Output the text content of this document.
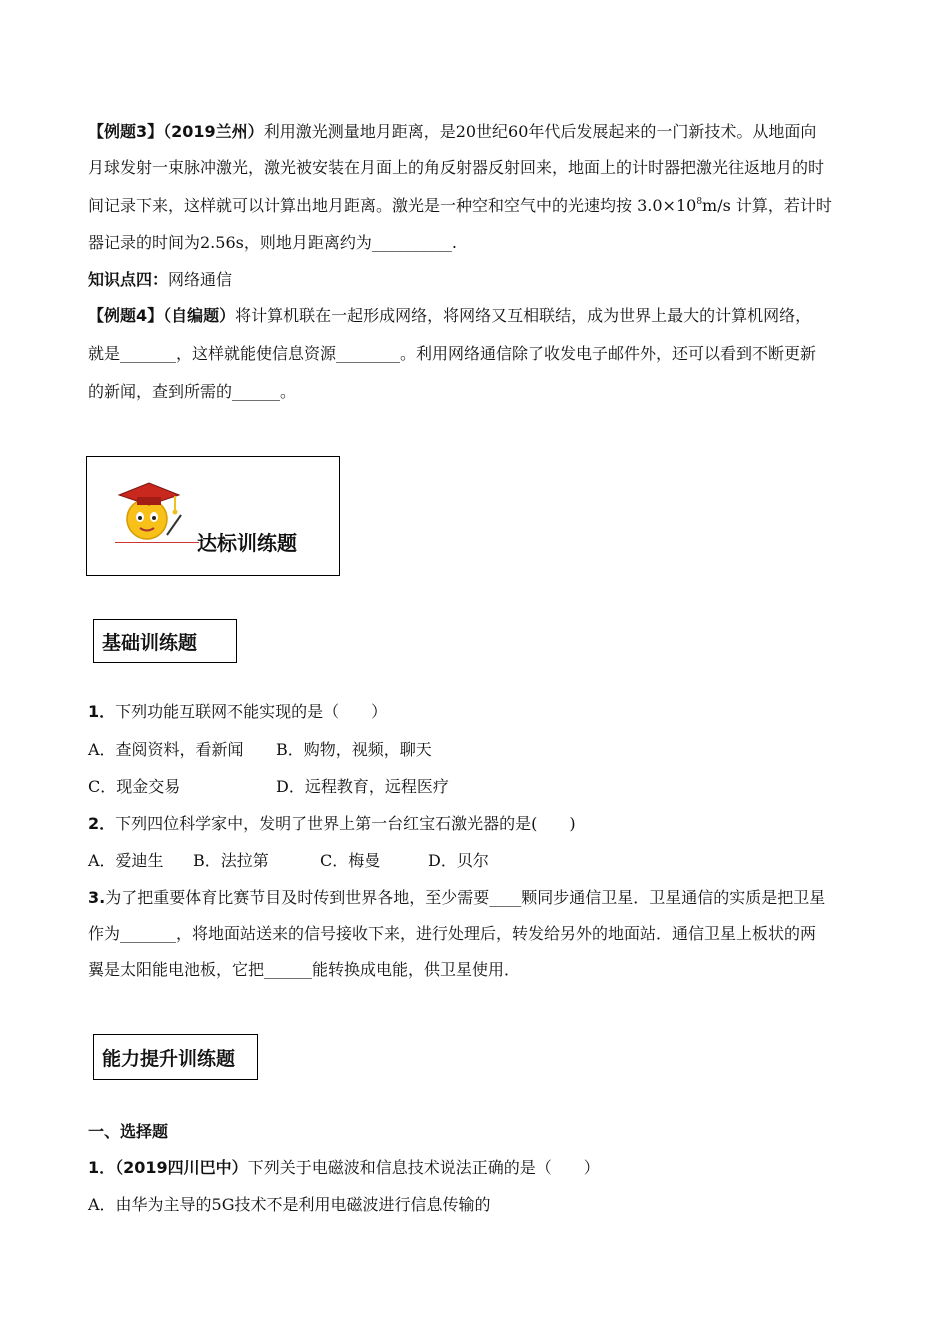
【例题3】（2019兰州）利用激光测量地月距离，是20世纪60年代后发展起来的一门新技术。从地面向
月球发射一束脉冲激光，激光被安装在月面上的角反射器反射回来，地面上的计时器把激光往返地月的时
间记录下来，这样就可以计算出地月距离。激光是一种空和空气中的光速均按 $3.0\times 10^8m/s$ 计算，若计时
器记录的时间为2.56s，则地月距离约为__________.
知识点四：网络通信
【例题4】（自编题）将计算机联在一起形成网络，将网络又互相联结，成为世界上最大的计算机网络，
就是_______，这样就能使信息资源________。利用网络通信除了收发电子邮件外，还可以看到不断更新
的新闻，查到所需的______。
达标训练题
基础训练题
1．下列功能互联网不能实现的是（　　）
A．查阅资料，看新闻 B．购物，视频，聊天
C．现金交易	D．远程教育，远程医疗
2．下列四位科学家中，发明了世界上第一台红宝石激光器的是(　　)
A．爱迪生 B．法拉第	C．梅曼	D．贝尔
3.为了把重要体育比赛节目及时传到世界各地，至少需要____颗同步通信卫星．卫星通信的实质是把卫星
作为_______，将地面站送来的信号接收下来，进行处理后，转发给另外的地面站．通信卫星上板状的两
翼是太阳能电池板，它把______能转换成电能，供卫星使用．
能力提升训练题
一、选择题
1．（2019四川巴中）下列关于电磁波和信息技术说法正确的是（　　）
A．由华为主导的5G技术不是利用电磁波进行信息传输的
